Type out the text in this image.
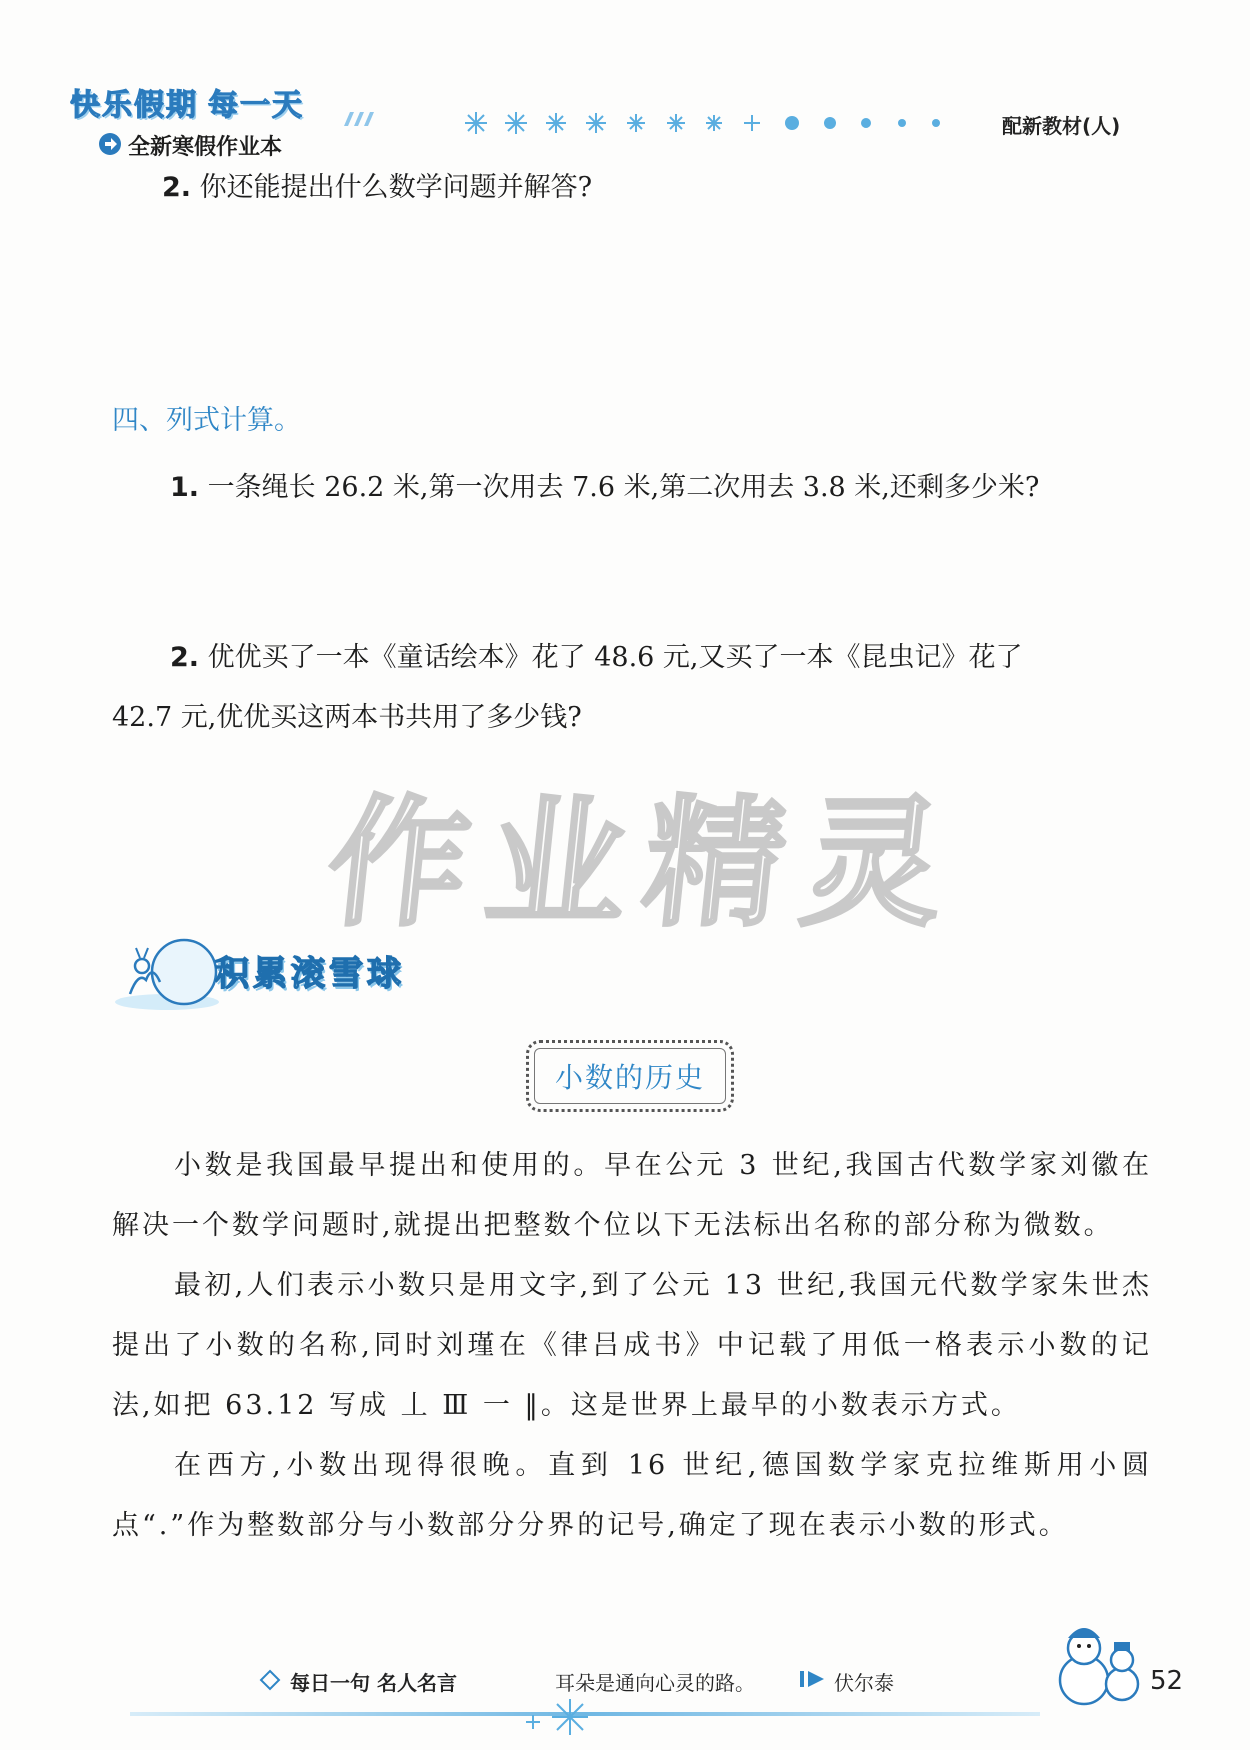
快乐假期 每一天
全新寒假作业本
配新教材(人)
2. 你还能提出什么数学问题并解答?
四、列式计算。
1. 一条绳长 26.2 米,第一次用去 7.6 米,第二次用去 3.8 米,还剩多少米?
2. 优优买了一本《童话绘本》花了 48.6 元,又买了一本《昆虫记》花了
42.7 元,优优买这两本书共用了多少钱?
作业精灵
积累滚雪球
小数的历史

小数是我国最早提出和使用的。早在公元 3 世纪,我国古代数学家刘徽在解决一个数学问题时,就提出把整数个位以下无法标出名称的部分称为微数。

最初,人们表示小数只是用文字,到了公元 13 世纪,我国元代数学家朱世杰提出了小数的名称,同时刘瑾在《律吕成书》中记载了用低一格表示小数的记法,如把 63.12 写成 丄 Ⅲ 一 ‖。这是世界上最早的小数表示方式。

在西方,小数出现得很晚。直到 16 世纪,德国数学家克拉维斯用小圆点“.”作为整数部分与小数部分分界的记号,确定了现在表示小数的形式。

每日一句 名人名言	耳朵是通向心灵的路。	伏尔泰	52
